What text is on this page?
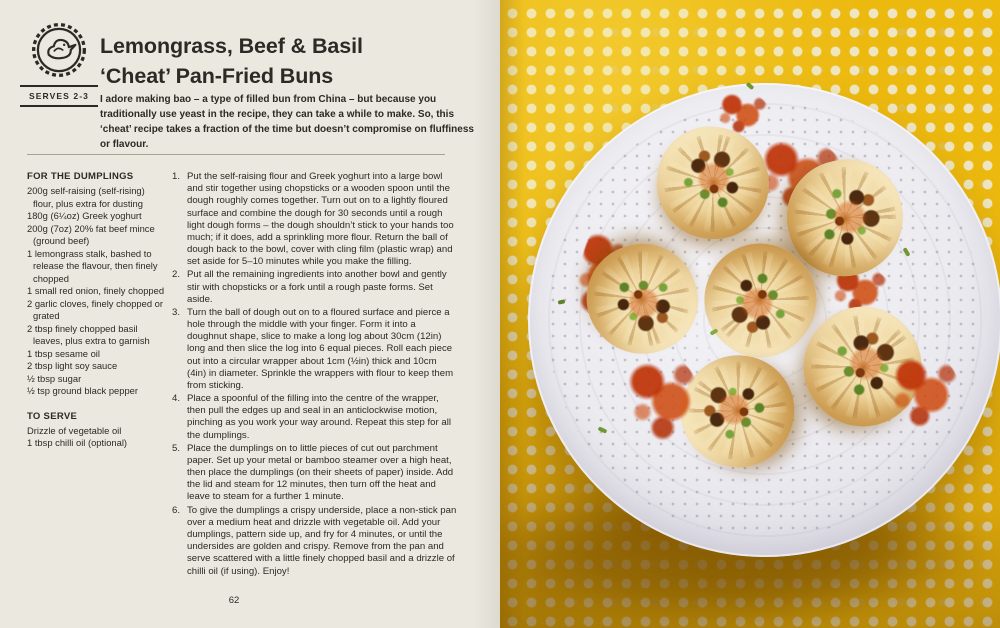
Lemongrass, Beef & Basil
‘Cheat’ Pan-Fried Buns
SERVES 2-3	I adore making bao – a type of filled bun from China – but because you traditionally use yeast in the recipe, they can take a while to make. So, this ‘cheat’ recipe takes a fraction of the time but doesn’t compromise on fluffiness or flavour.

FOR THE DUMPLINGS
200g self-raising (self-rising) flour, plus extra for dusting
180g (6¼oz) Greek yoghurt
200g (7oz) 20% fat beef mince (ground beef)
1 lemongrass stalk, bashed to release the flavour, then finely chopped
1 small red onion, finely chopped
2 garlic cloves, finely chopped or grated
2 tbsp finely chopped basil leaves, plus extra to garnish
1 tbsp sesame oil
2 tbsp light soy sauce
½ tbsp sugar
½ tsp ground black pepper
TO SERVE
Drizzle of vegetable oil
1 tbsp chilli oil (optional)
Put the self-raising flour and Greek yoghurt into a large bowl and stir together using chopsticks or a wooden spoon until the dough roughly comes together. Turn out on to a lightly floured surface and combine the dough for 30 seconds until a rough light dough forms – the dough shouldn’t stick to your hands too much; if it does, add a sprinkling more flour. Return the ball of dough back to the bowl, cover with cling film (plastic wrap) and set aside for 5–10 minutes while you make the filling.
Put all the remaining ingredients into another bowl and gently stir with chopsticks or a fork until a rough paste forms. Set aside.
Turn the ball of dough out on to a floured surface and pierce a hole through the middle with your finger. Form it into a doughnut shape, slice to make a long log about 30cm (12in) long and then slice the log into 6 equal pieces. Roll each piece out into a circular wrapper about 1cm (½in) thick and 10cm (4in) in diameter. Sprinkle the wrappers with flour to keep them from sticking.
Place a spoonful of the filling into the centre of the wrapper, then pull the edges up and seal in an anticlockwise motion, pinching as you work your way around. Repeat this step for all the dumplings.
Place the dumplings on to little pieces of cut out parchment paper. Set up your metal or bamboo steamer over a high heat, then place the dumplings (on their sheets of paper) inside. Add the lid and steam for 12 minutes, then turn off the heat and leave to steam for a further 1 minute.
To give the dumplings a crispy underside, place a non-stick pan over a medium heat and drizzle with vegetable oil. Add your dumplings, pattern side up, and fry for 4 minutes, or until the undersides are golden and crispy. Remove from the pan and serve scattered with a little finely chopped basil and a drizzle of chilli oil (if using). Enjoy!
62
